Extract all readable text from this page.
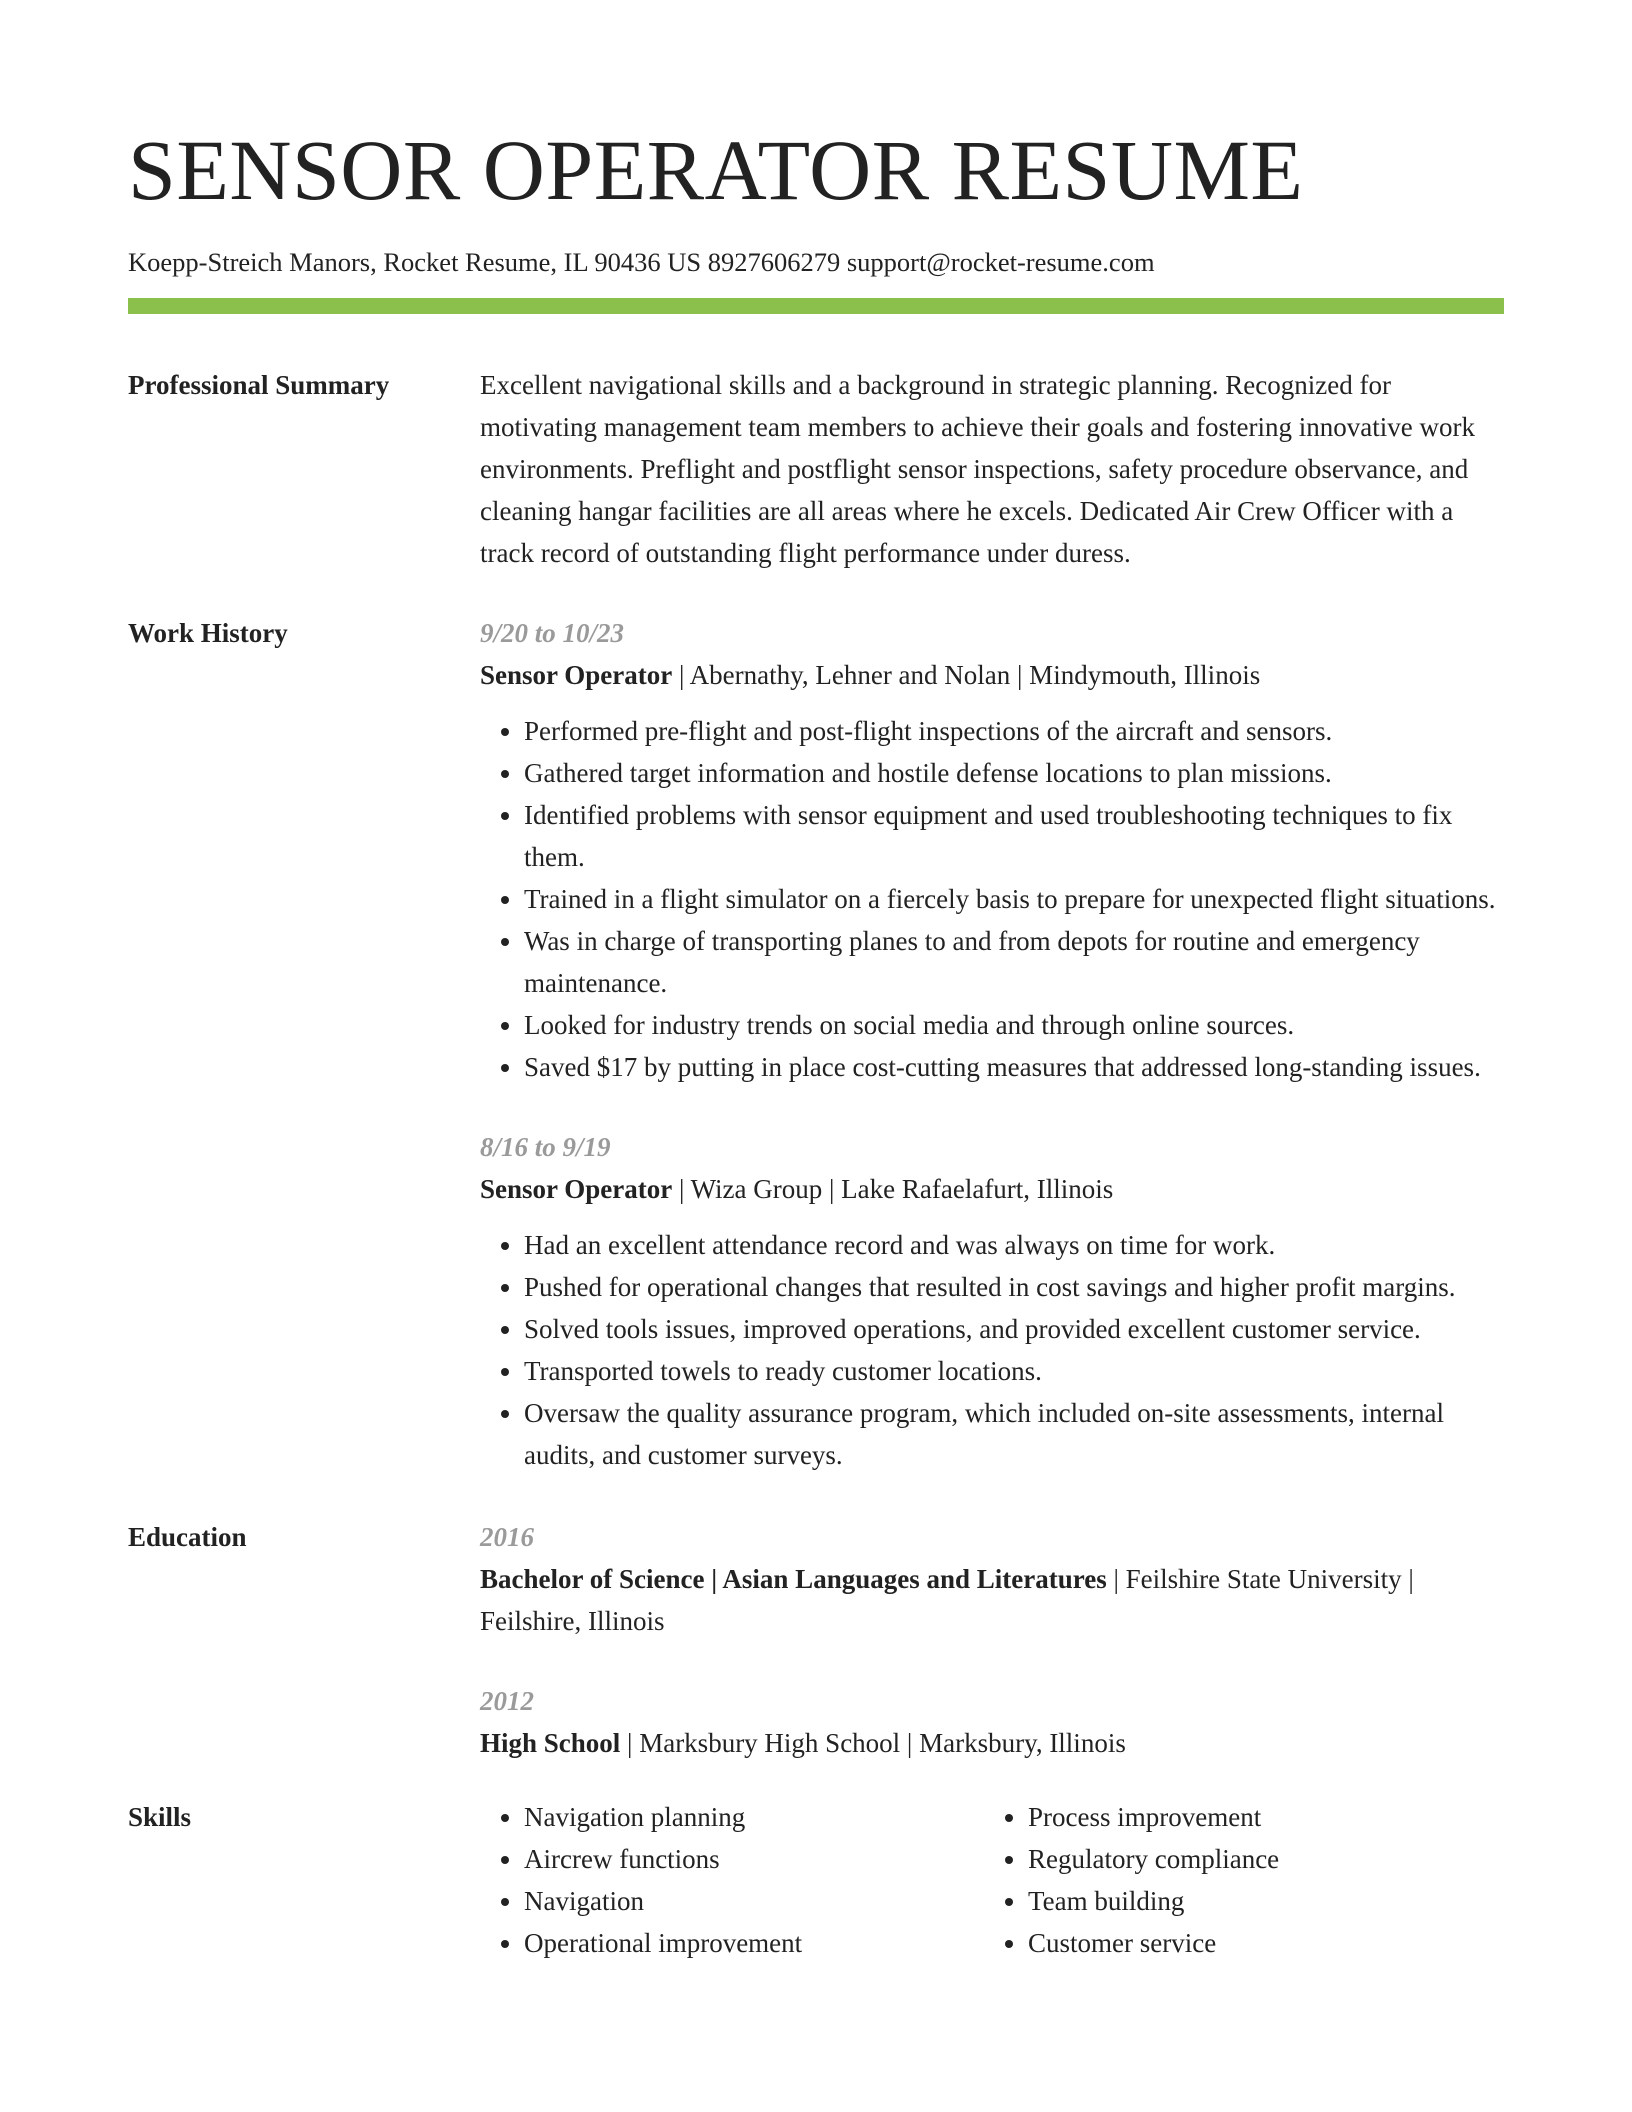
SENSOR OPERATOR RESUME
Koepp-Streich Manors, Rocket Resume, IL 90436 US 8927606279 support@rocket-resume.com
Professional Summary	Excellent navigational skills and a background in strategic planning. Recognized for motivating management team members to achieve their goals and fostering innovative work environments. Preflight and postflight sensor inspections, safety procedure observance, and cleaning hangar facilities are all areas where he excels. Dedicated Air Crew Officer with a track record of outstanding flight performance under duress.
Work History	9/20 to 10/23
Sensor Operator | Abernathy, Lehner and Nolan | Mindymouth, Illinois
• Performed pre-flight and post-flight inspections of the aircraft and sensors.
• Gathered target information and hostile defense locations to plan missions.
• Identified problems with sensor equipment and used troubleshooting techniques to fix them.
• Trained in a flight simulator on a fiercely basis to prepare for unexpected flight situations.
• Was in charge of transporting planes to and from depots for routine and emergency maintenance.
• Looked for industry trends on social media and through online sources.
• Saved $17 by putting in place cost-cutting measures that addressed long-standing issues.
8/16 to 9/19
Sensor Operator | Wiza Group | Lake Rafaelafurt, Illinois
• Had an excellent attendance record and was always on time for work.
• Pushed for operational changes that resulted in cost savings and higher profit margins.
• Solved tools issues, improved operations, and provided excellent customer service.
• Transported towels to ready customer locations.
• Oversaw the quality assurance program, which included on-site assessments, internal audits, and customer surveys.
Education	2016
Bachelor of Science | Asian Languages and Literatures | Feilshire State University | Feilshire, Illinois
2012
High School | Marksbury High School | Marksbury, Illinois
Skills
•	Navigation planning
• Aircrew functions
• Navigation
• Operational improvement
• Process improvement
• Regulatory compliance
• Team building
• Customer service
